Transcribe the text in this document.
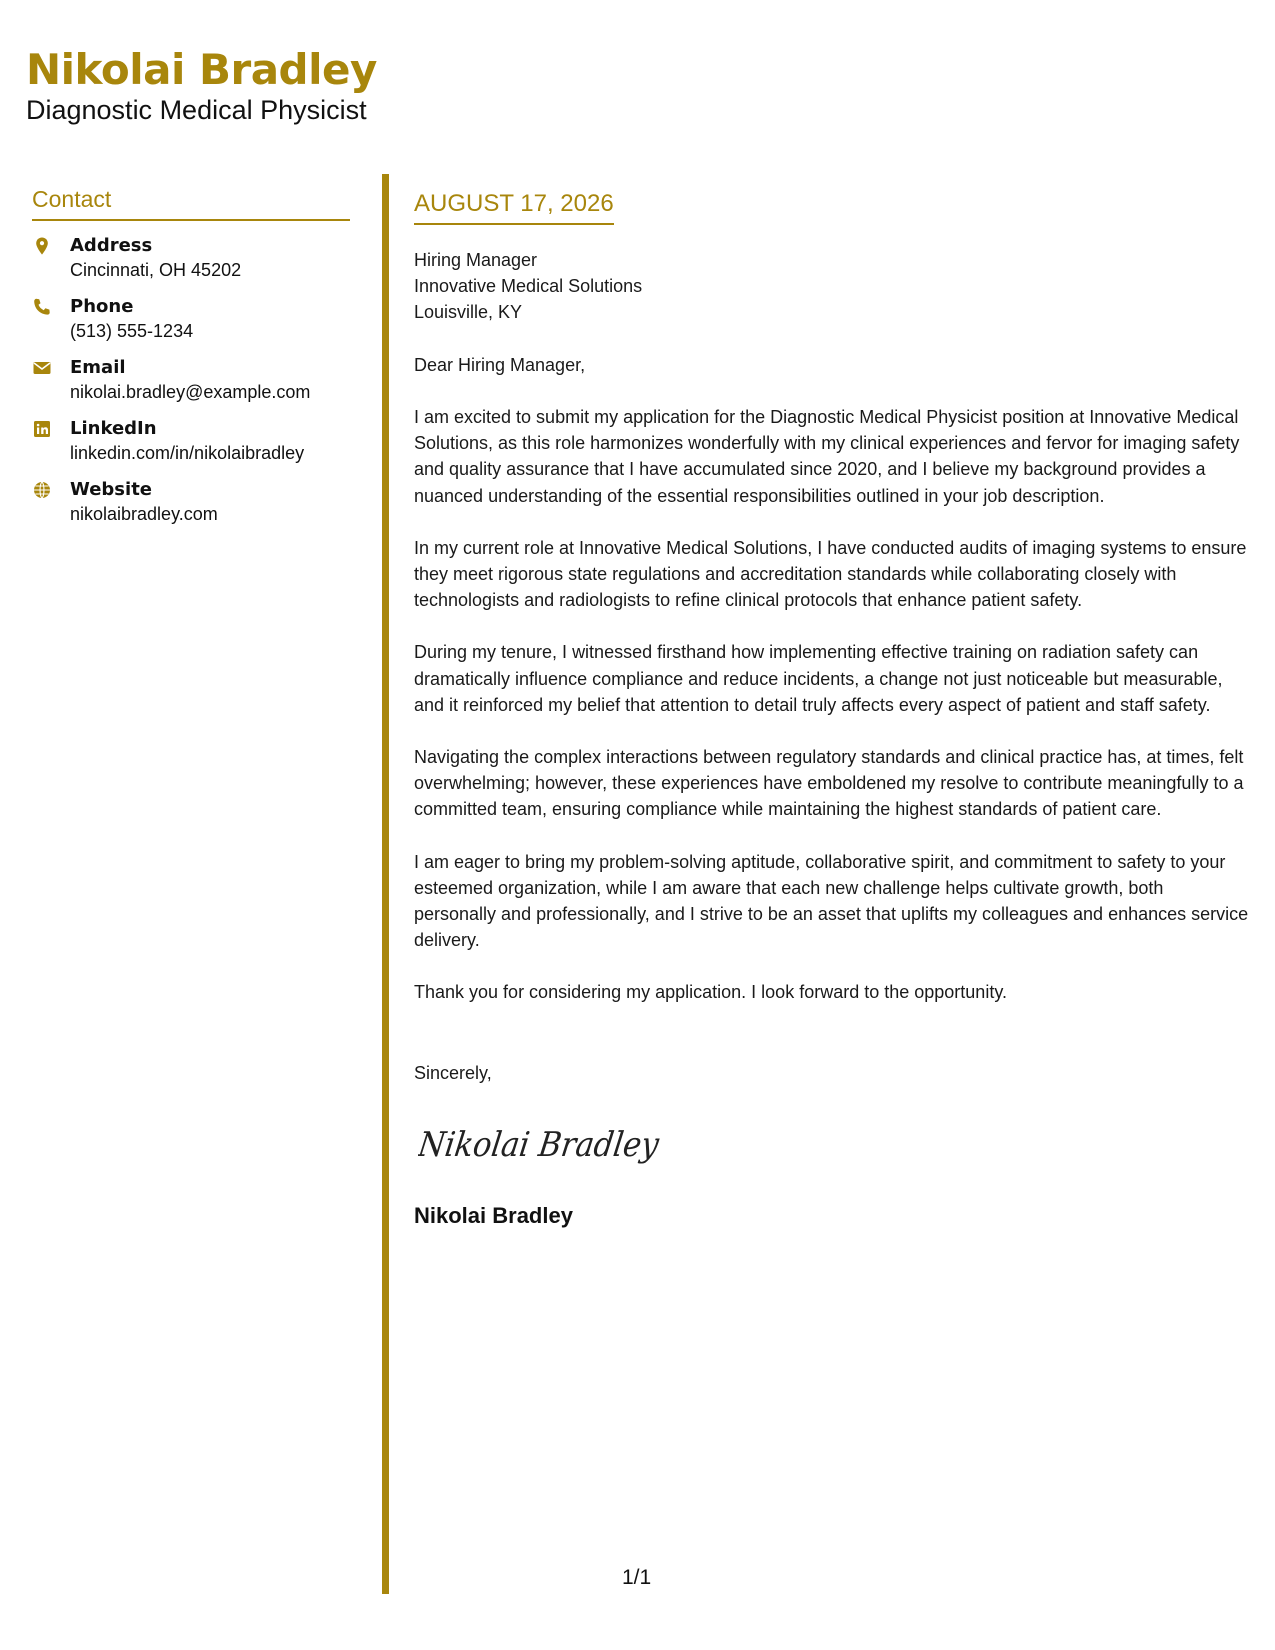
Nikolai Bradley
Diagnostic Medical Physicist
Contact
Address
Cincinnati, OH 45202
Phone
(513) 555-1234
Email
nikolai.bradley@example.com
LinkedIn
linkedin.com/in/nikolaibradley
Website
nikolaibradley.com
AUGUST 17, 2026
Hiring Manager
Innovative Medical Solutions
Louisville, KY
Dear Hiring Manager,
I am excited to submit my application for the Diagnostic Medical Physicist position at Innovative Medical Solutions, as this role harmonizes wonderfully with my clinical experiences and fervor for imaging safety and quality assurance that I have accumulated since 2020, and I believe my background provides a nuanced understanding of the essential responsibilities outlined in your job description.
In my current role at Innovative Medical Solutions, I have conducted audits of imaging systems to ensure they meet rigorous state regulations and accreditation standards while collaborating closely with technologists and radiologists to refine clinical protocols that enhance patient safety.
During my tenure, I witnessed firsthand how implementing effective training on radiation safety can dramatically influence compliance and reduce incidents, a change not just noticeable but measurable, and it reinforced my belief that attention to detail truly affects every aspect of patient and staff safety.
Navigating the complex interactions between regulatory standards and clinical practice has, at times, felt overwhelming; however, these experiences have emboldened my resolve to contribute meaningfully to a committed team, ensuring compliance while maintaining the highest standards of patient care.
I am eager to bring my problem-solving aptitude, collaborative spirit, and commitment to safety to your esteemed organization, while I am aware that each new challenge helps cultivate growth, both personally and professionally, and I strive to be an asset that uplifts my colleagues and enhances service delivery.
Thank you for considering my application. I look forward to the opportunity.
Sincerely,
Nikolai Bradley
Nikolai Bradley
1/1
